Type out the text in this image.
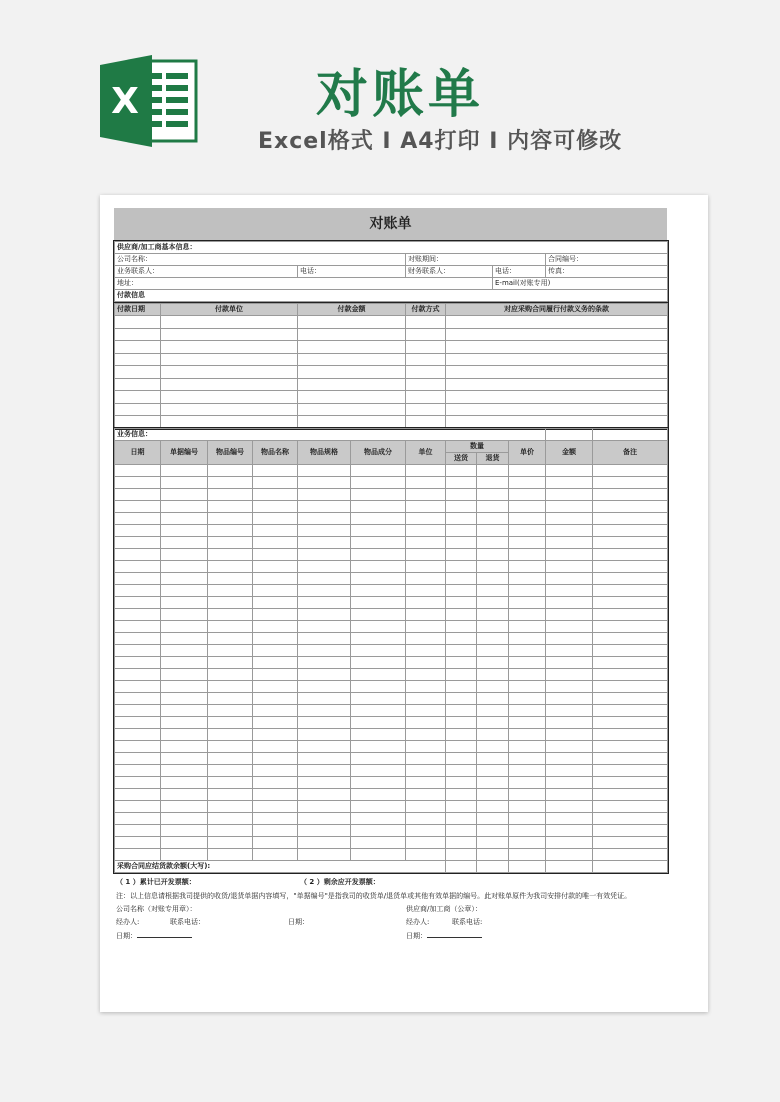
X	对账单
Excel格式 I A4打印 I 内容可修改
对账单
供应商/加工商基本信息：				
公司名称：		对账期间：		合同编号：
业务联系人：	电话：	财务联系人：	电话：	传真：
地址：			E-mail(对账专用)	
付款信息				
付款日期	付款单位	付款金额	付款方式	对应采购合同履行付款义务的条款

业务信息：											
日期	单据编号	物品编号	物品名称	物品规格	物品成分	单位	数量		单价	金额	备注
							送货	退货			

采购合同应结货款余额(大写):											
（ 1 ）累计已开发票额：	（ 2 ）剩余应开发票额：
注：以上信息请根据我司提供的收货/退货单据内容填写，"单据编号"是指我司的收货单/退货单或其他有效单据的编号。此对账单原件为我司安排付款的唯一有效凭证。
公司名称（对账专用章）：	供应商/加工商（公章）：
经办人:	联系电话：	日期：	经办人:	联系电话:
日期：	日期：
